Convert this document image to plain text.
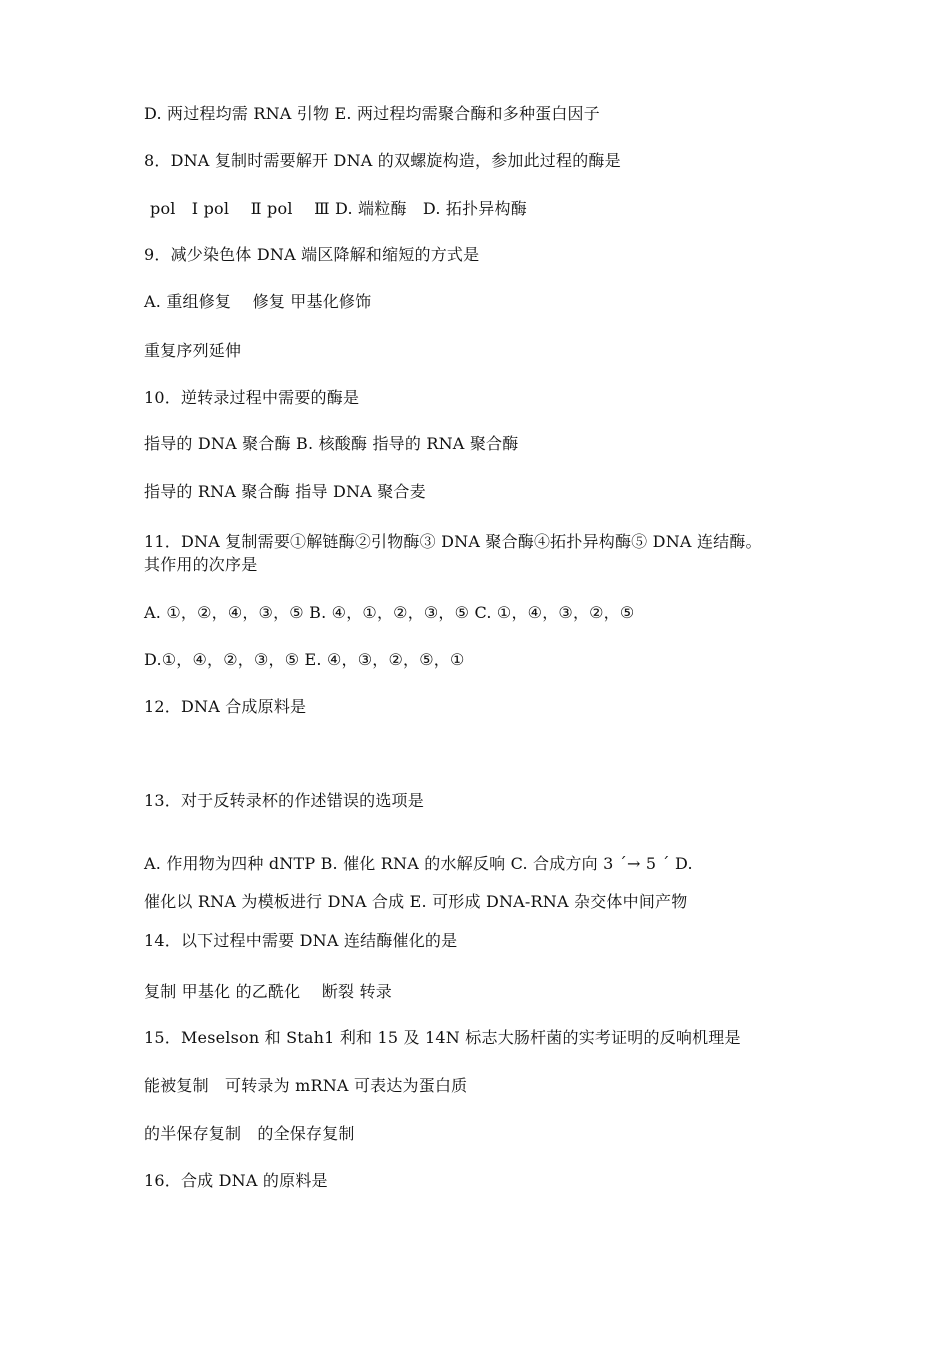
D. 两过程均需 RNA 引物 E. 两过程均需聚合酶和多种蛋白因子
8．DNA 复制时需要解开 DNA 的双螺旋构造，参加此过程的酶是
pol　Ⅰ pol　 Ⅱ pol　 Ⅲ D. 端粒酶　D. 拓扑异构酶
9．减少染色体 DNA 端区降解和缩短的方式是
A. 重组修复　 修复 甲基化修饰
重复序列延伸
10．逆转录过程中需要的酶是
指导的 DNA 聚合酶 B. 核酸酶 指导的 RNA 聚合酶
指导的 RNA 聚合酶 指导 DNA 聚合麦
11．DNA 复制需要①解链酶②引物酶③ DNA 聚合酶④拓扑异构酶⑤ DNA 连结酶。
其作用的次序是
A. ①，②，④，③，⑤ B. ④，①，②，③，⑤ C. ①，④，③，②，⑤
D.①，④，②，③，⑤ E. ④，③，②，⑤，①
12．DNA 合成原料是
13．对于反转录杯的作述错误的选项是
A. 作用物为四种 dNTP B. 催化 RNA 的水解反响 C. 合成方向 3 ˊ→ 5 ˊ D.
催化以 RNA 为模板进行 DNA 合成 E. 可形成 DNA-RNA 杂交体中间产物
14．以下过程中需要 DNA 连结酶催化的是
复制 甲基化 的乙酰化　 断裂 转录
15．Meselson 和 Stah1 利和 15 及 14N 标志大肠杆菌的实考证明的反响机理是
能被复制　可转录为 mRNA 可表达为蛋白质
的半保存复制　的全保存复制
16．合成 DNA 的原料是
